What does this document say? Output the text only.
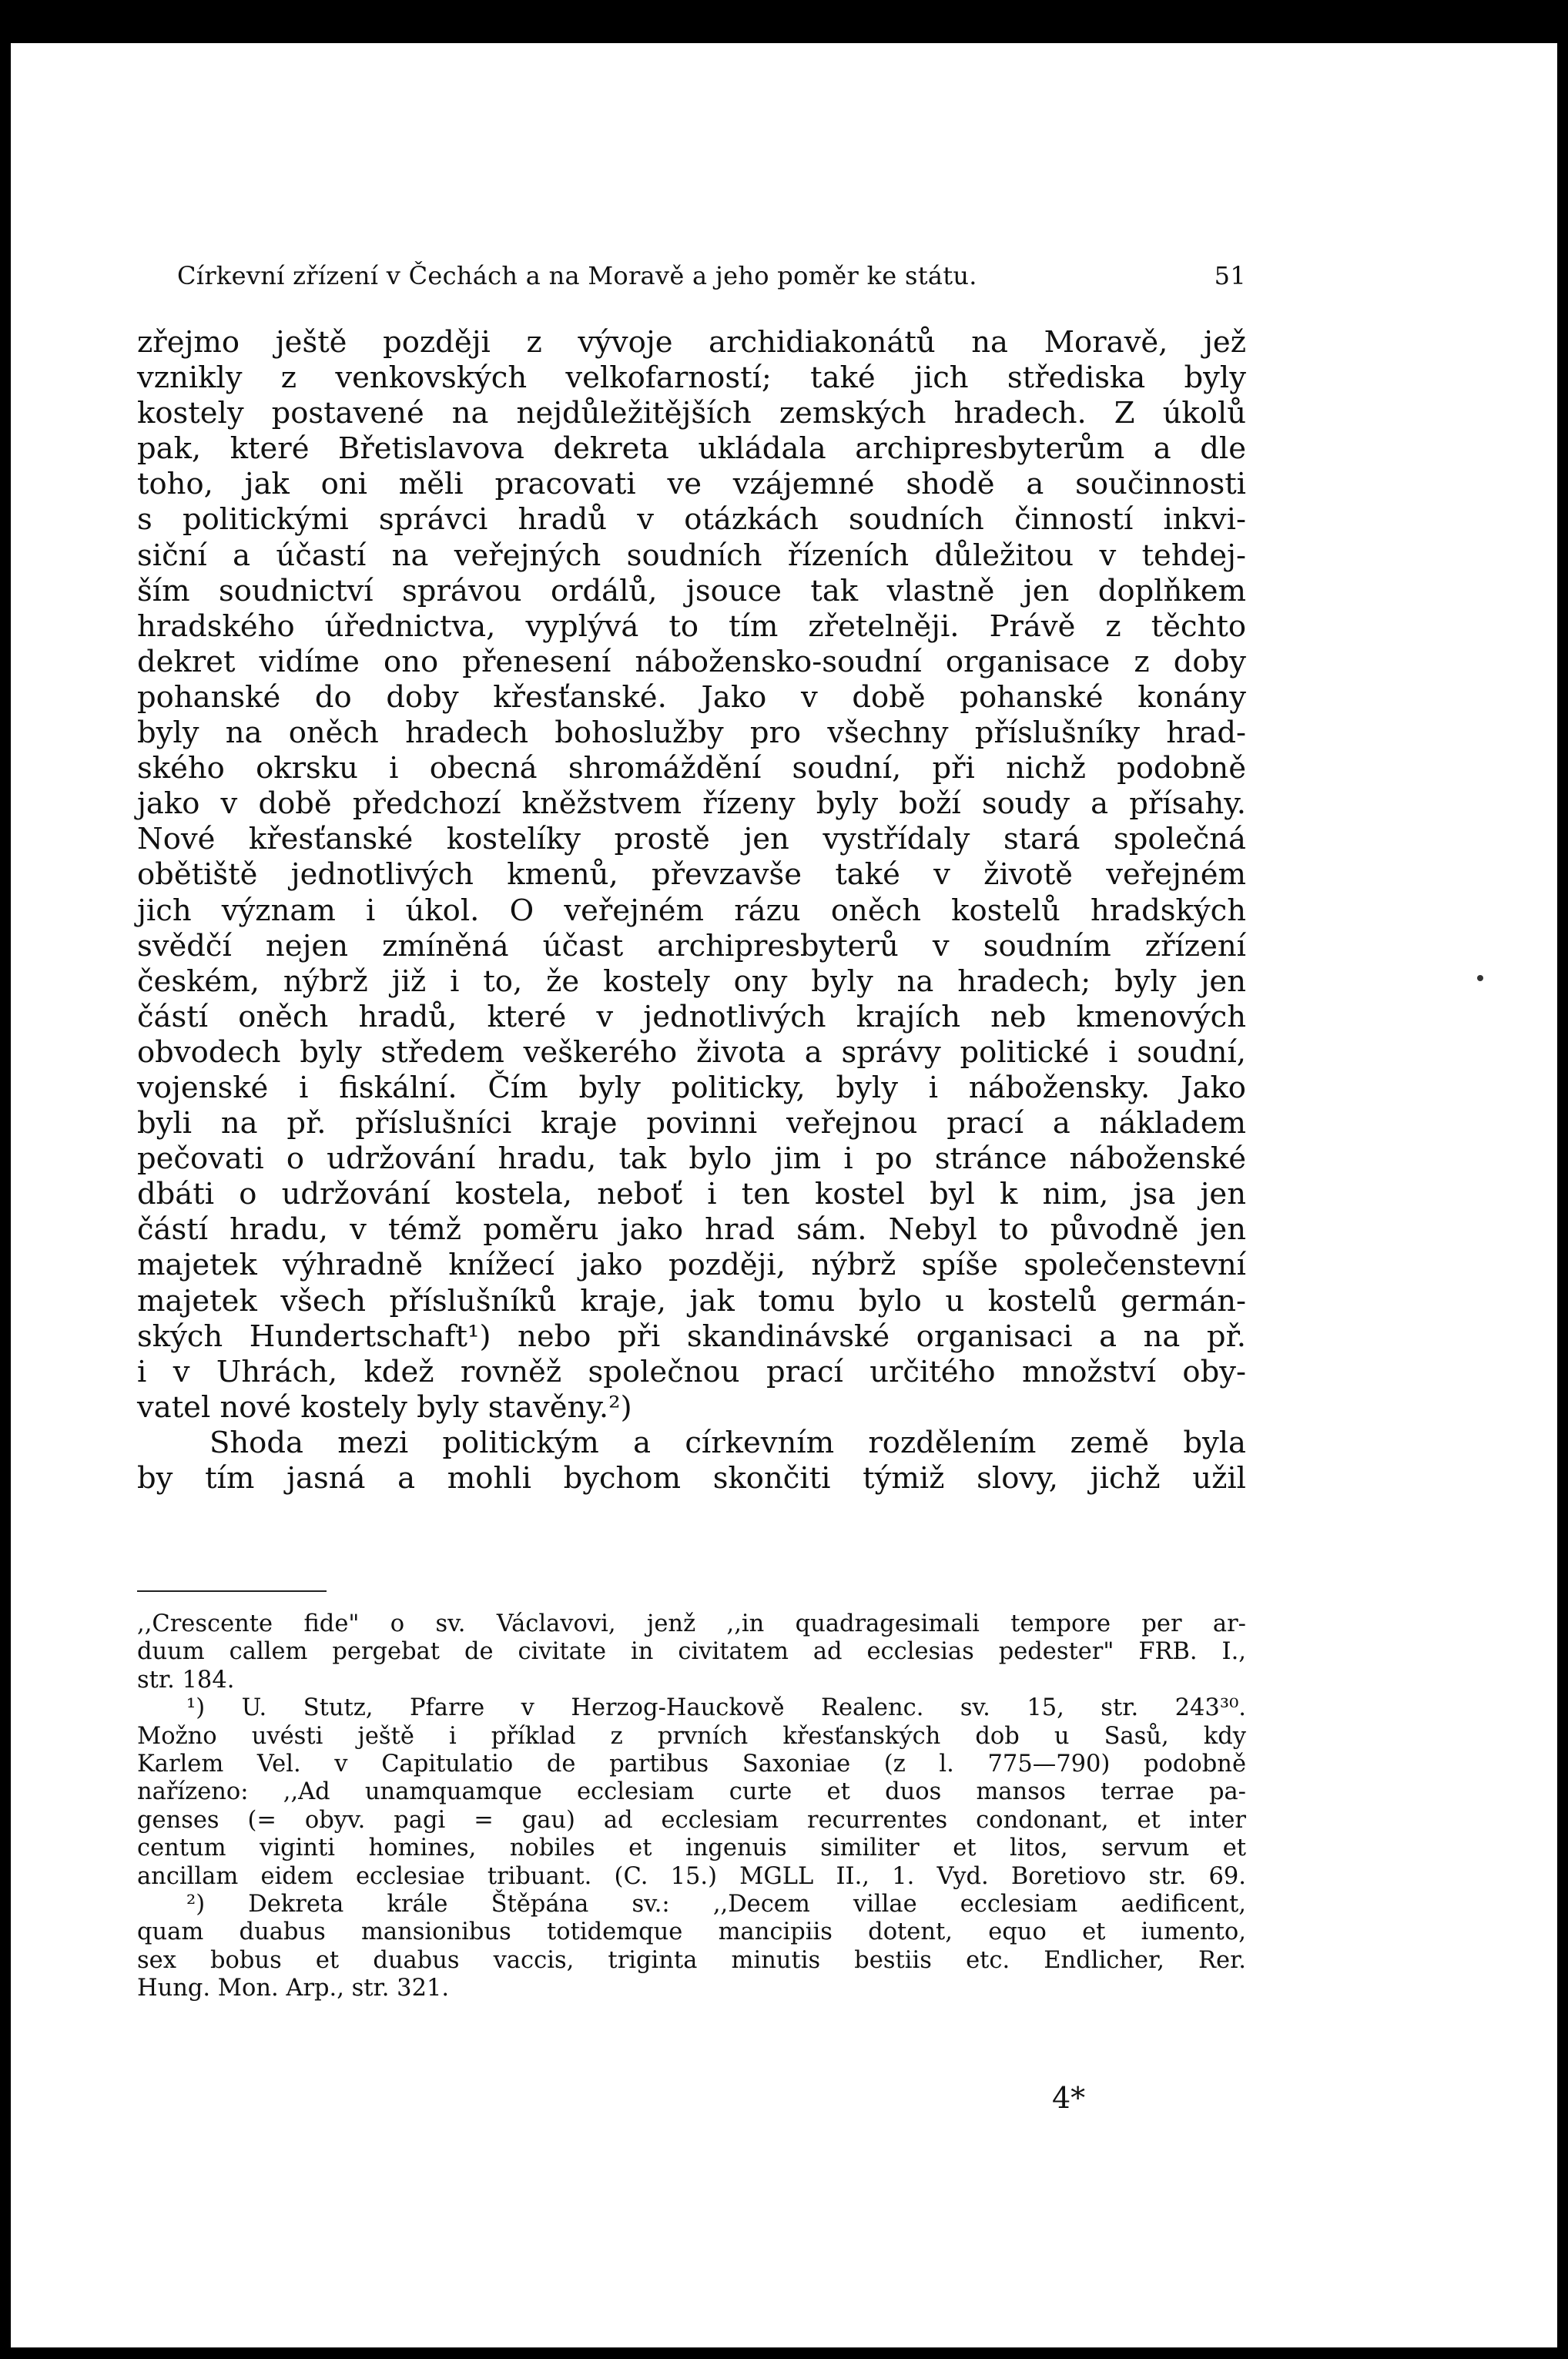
Církevní zřízení v Čechách a na Moravě a jeho poměr ke státu.	51
zřejmo ještě později z vývoje archidiakonátů na Moravě, jež
vznikly z venkovských velkofarností; také jich střediska byly
kostely postavené na nejdůležitějších zemských hradech. Z úkolů
pak, které Břetislavova dekreta ukládala archipresbyterům a dle
toho, jak oni měli pracovati ve vzájemné shodě a součinnosti
s politickými správci hradů v otázkách soudních činností inkvi-
siční a účastí na veřejných soudních řízeních důležitou v tehdej-
ším soudnictví správou ordálů, jsouce tak vlastně jen doplňkem
hradského úřednictva, vyplývá to tím zřetelněji. Právě z těchto
dekret vidíme ono přenesení nábožensko-soudní organisace z doby
pohanské do doby křesťanské. Jako v době pohanské konány
byly na oněch hradech bohoslužby pro všechny příslušníky hrad-
ského okrsku i obecná shromáždění soudní, při nichž podobně
jako v době předchozí kněžstvem řízeny byly boží soudy a přísahy.
Nové křesťanské kostelíky prostě jen vystřídaly stará společná
obětiště jednotlivých kmenů, převzavše také v životě veřejném
jich význam i úkol. O veřejném rázu oněch kostelů hradských
svědčí nejen zmíněná účast archipresbyterů v soudním zřízení
českém, nýbrž již i to, že kostely ony byly na hradech; byly jen
částí oněch hradů, které v jednotlivých krajích neb kmenových
obvodech byly středem veškerého života a správy politické i soudní,
vojenské i fiskální. Čím byly politicky, byly i nábožensky. Jako
byli na př. příslušníci kraje povinni veřejnou prací a nákladem
pečovati o udržování hradu, tak bylo jim i po stránce náboženské
dbáti o udržování kostela, neboť i ten kostel byl k nim, jsa jen
částí hradu, v témž poměru jako hrad sám. Nebyl to původně jen
majetek výhradně knížecí jako později, nýbrž spíše společenstevní
majetek všech příslušníků kraje, jak tomu bylo u kostelů germán-
ských Hundertschaft¹) nebo při skandinávské organisaci a na př.
i v Uhrách, kdež rovněž společnou prací určitého množství oby-
vatel nové kostely byly stavěny.²)
Shoda mezi politickým a církevním rozdělením země byla
by tím jasná a mohli bychom skončiti týmiž slovy, jichž užil
,,Crescente fide" o sv. Václavovi, jenž ,,in quadragesimali tempore per ar-
duum callem pergebat de civitate in civitatem ad ecclesias pedester" FRB. I.,
str. 184.
¹) U. Stutz, Pfarre v Herzog-Hauckově Realenc. sv. 15, str. 243³⁰.
Možno uvésti ještě i příklad z prvních křesťanských dob u Sasů, kdy
Karlem Vel. v Capitulatio de partibus Saxoniae (z l. 775—790) podobně
nařízeno: ,,Ad unamquamque ecclesiam curte et duos mansos terrae pa-
genses (= obyv. pagi = gau) ad ecclesiam recurrentes condonant, et inter
centum viginti homines, nobiles et ingenuis similiter et litos, servum et
ancillam eidem ecclesiae tribuant. (C. 15.) MGLL II., 1. Vyd. Boretiovo str. 69.
²) Dekreta krále Štěpána sv.: ,,Decem villae ecclesiam aedificent,
quam duabus mansionibus totidemque mancipiis dotent, equo et iumento,
sex bobus et duabus vaccis, triginta minutis bestiis etc. Endlicher, Rer.
Hung. Mon. Arp., str. 321.
4*
